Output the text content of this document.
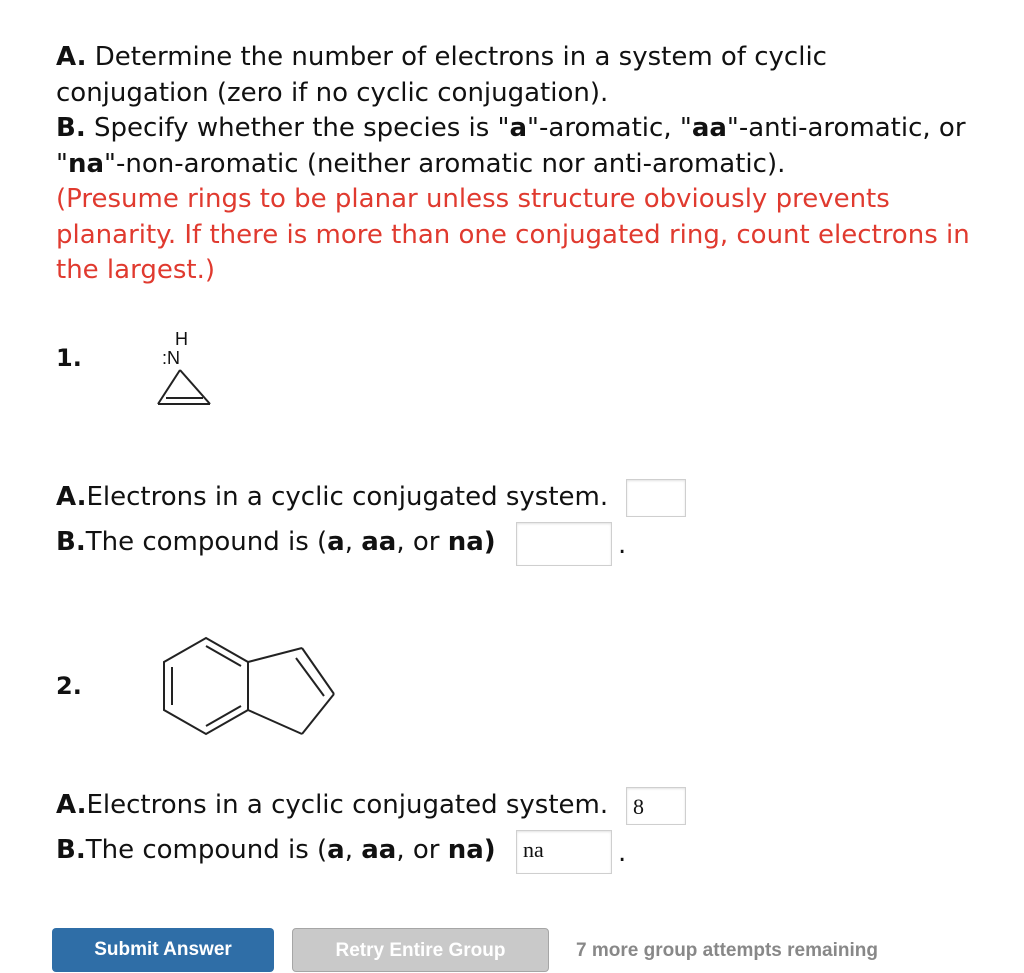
A. Determine the number of electrons in a system of cyclic conjugation (zero if no cyclic conjugation).

B. Specify whether the species is "a"-aromatic, "aa"-anti-aromatic, or "na"-non-aromatic (neither aromatic nor anti-aromatic).

(Presume rings to be planar unless structure obviously prevents planarity. If there is more than one conjugated ring, count electrons in the largest.)

1.
H
:N
A.Electrons in a cyclic conjugated system.
B.The compound is (a, aa, or na)	.
2.
A.Electrons in a cyclic conjugated system.	8
B.The compound is (a, aa, or na)	na	.
Submit Answer	Retry Entire Group	7 more group attempts remaining
